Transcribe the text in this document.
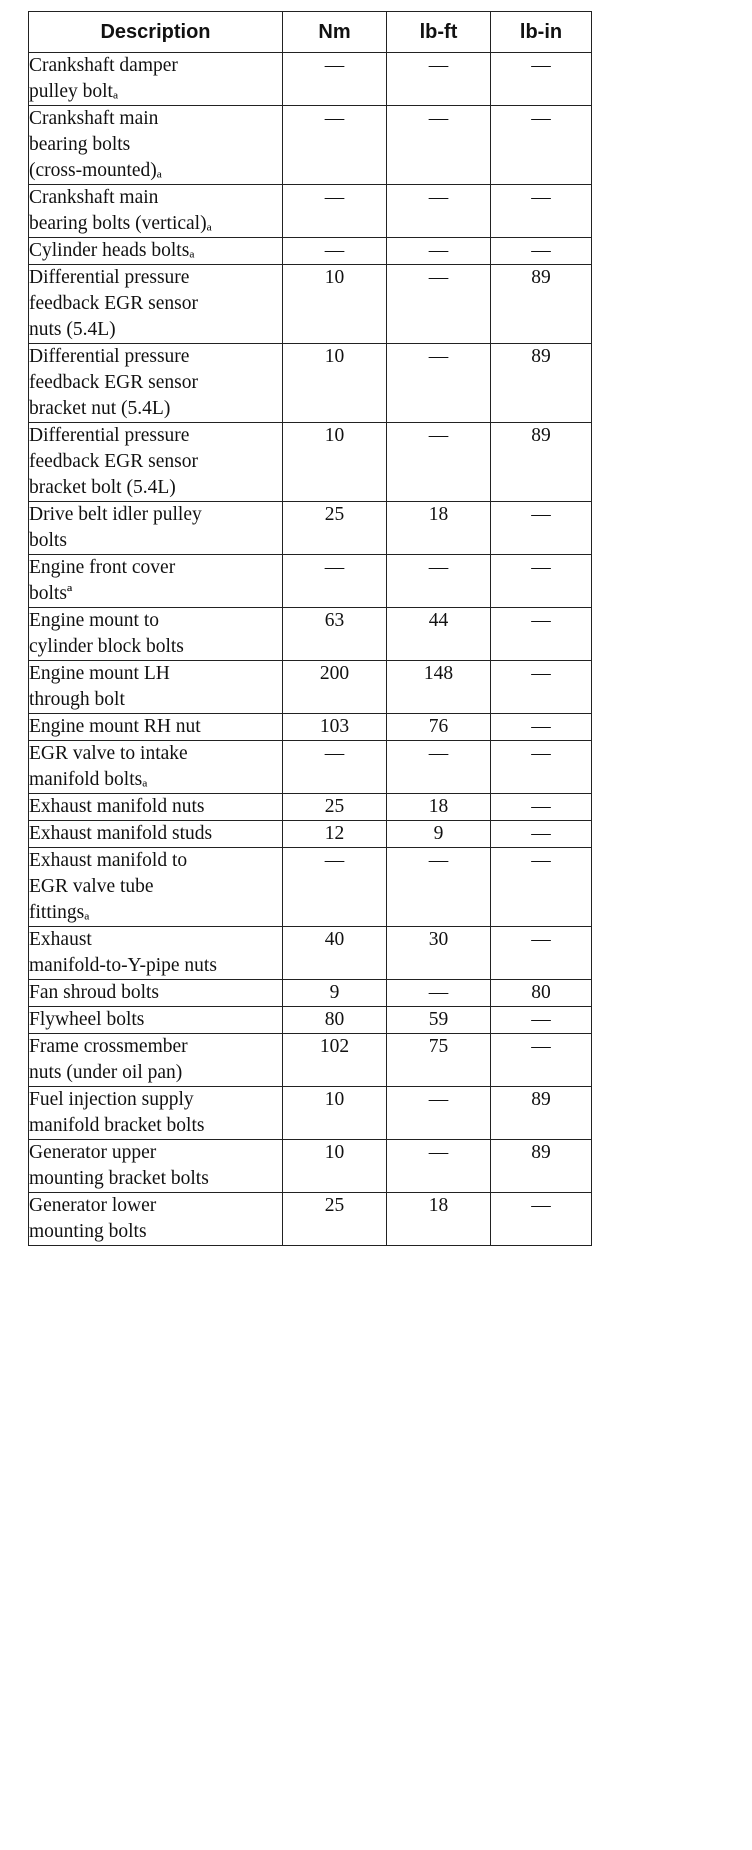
Description	Nm	lb-ft	lb-in

Crankshaft damper
pulley boltₐ	—	—	—

Crankshaft main
bearing bolts
(cross-mounted)ₐ	—	—	—

Crankshaft main
bearing bolts (vertical)ₐ	—	—	—

Cylinder heads boltsₐ	—	—	—

Differential pressure
feedback EGR sensor
nuts (5.4L)	10	—	89

Differential pressure
feedback EGR sensor
bracket nut (5.4L)	10	—	89

Differential pressure
feedback EGR sensor
bracket bolt (5.4L)	10	—	89

Drive belt idler pulley
bolts	25	18	—

Engine front cover
boltsª	—	—	—

Engine mount to
cylinder block bolts	63	44	—

Engine mount LH
through bolt	200	148	—

Engine mount RH nut	103	76	—

EGR valve to intake
manifold boltsₐ	—	—	—

Exhaust manifold nuts	25	18	—

Exhaust manifold studs	12	9	—

Exhaust manifold to
EGR valve tube
fittingsₐ	—	—	—

Exhaust
manifold-to-Y-pipe nuts	40	30	—

Fan shroud bolts	9	—	80

Flywheel bolts	80	59	—

Frame crossmember
nuts (under oil pan)	102	75	—

Fuel injection supply
manifold bracket bolts	10	—	89

Generator upper
mounting bracket bolts	10	—	89

Generator lower
mounting bolts	25	18	—
